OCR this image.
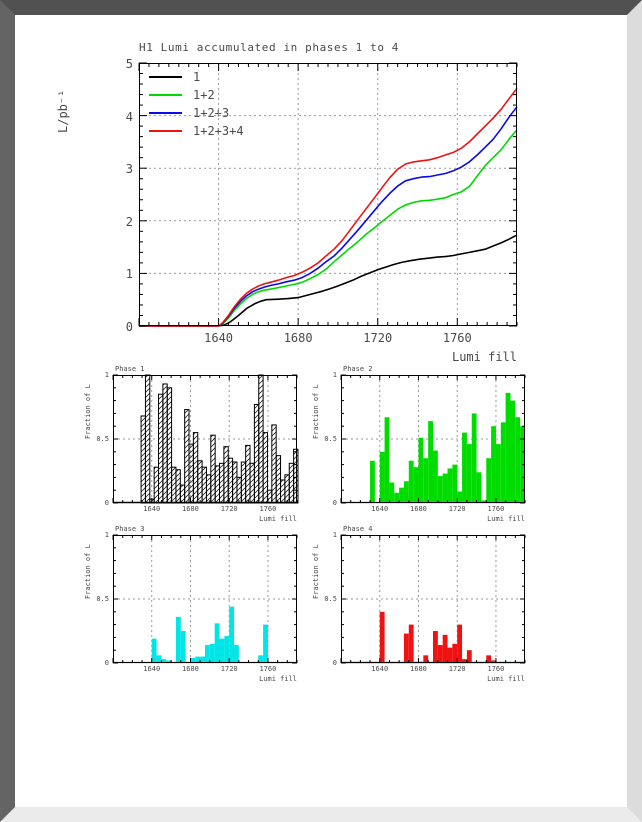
H1 Lumi accumulated in phases 1 to 4
L/pb⁻¹
Lumi fill
1
1+2
1+2+3
1+2+3+4
Phase 1
Fraction of L
Lumi fill
Phase 2
Fraction of L
Lumi fill
Phase 3
Fraction of L
Lumi fill
Phase 4
Fraction of L
Lumi fill
5
4
3
2
1
0
1640	1680	1720	1760
1
0.5
0
1640	1680	1720	1760
1
0.5
0
1640	1680	1720	1760
1
0.5
0
1640	1680	1720	1760
1
0.5
0
1640	1680	1720	1760
